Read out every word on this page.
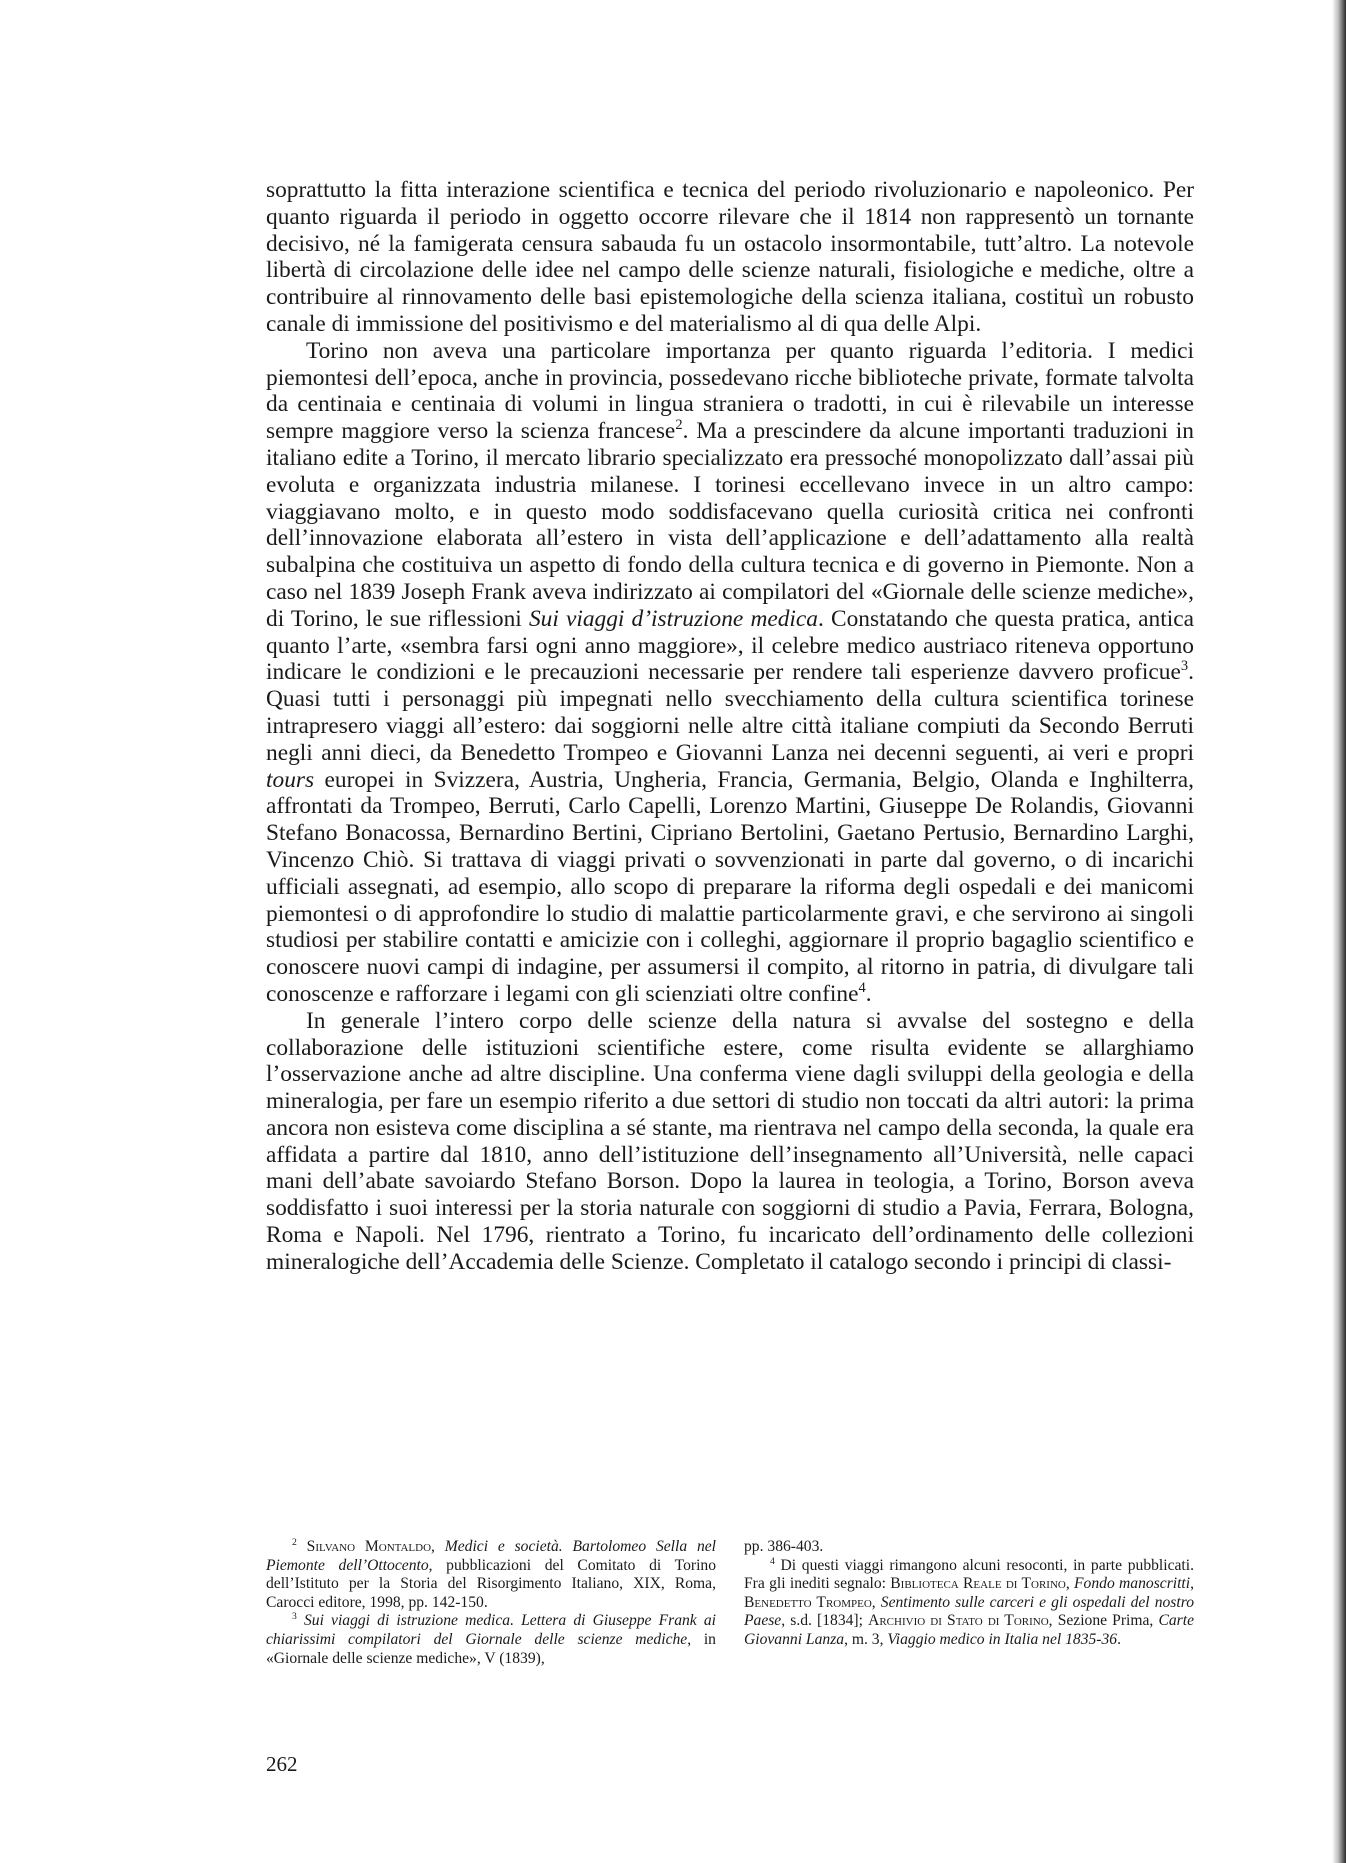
soprattutto la fitta interazione scientifica e tecnica del periodo rivoluzionario e napoleonico. Per quanto riguarda il periodo in oggetto occorre rilevare che il 1814 non rappresentò un tornante decisivo, né la famigerata censura sabauda fu un ostacolo insormontabile, tutt’altro. La notevole libertà di circolazione delle idee nel campo delle scienze naturali, fisiologiche e mediche, oltre a contribuire al rinnovamento delle basi epistemologiche della scienza italiana, costituì un robusto canale di immissione del positivismo e del materialismo al di qua delle Alpi.

Torino non aveva una particolare importanza per quanto riguarda l’editoria. I medici piemontesi dell’epoca, anche in provincia, possedevano ricche biblioteche private, formate talvolta da centinaia e centinaia di volumi in lingua straniera o tradotti, in cui è rilevabile un interesse sempre maggiore verso la scienza francese$^2$. Ma a prescindere da alcune importanti traduzioni in italiano edite a Torino, il mercato librario specializzato era pressoché monopolizzato dall’assai più evoluta e organizzata industria milanese. I torinesi eccellevano invece in un altro campo: viaggiavano molto, e in questo modo soddisfacevano quella curiosità critica nei confronti dell’innovazione elaborata all’estero in vista dell’applicazione e dell’adattamento alla realtà subalpina che costituiva un aspetto di fondo della cultura tecnica e di governo in Piemonte. Non a caso nel 1839 Joseph Frank aveva indirizzato ai compilatori del «Giornale delle scienze mediche», di Torino, le sue riflessioni Sui viaggi d’istruzione medica. Constatando che questa pratica, antica quanto l’arte, «sembra farsi ogni anno maggiore», il celebre medico austriaco riteneva opportuno indicare le condizioni e le precauzioni necessarie per rendere tali esperienze davvero proficue$^3$. Quasi tutti i personaggi più impegnati nello svecchiamento della cultura scientifica torinese intrapresero viaggi all’estero: dai soggiorni nelle altre città italiane compiuti da Secondo Berruti negli anni dieci, da Benedetto Trompeo e Giovanni Lanza nei decenni seguenti, ai veri e propri tours europei in Svizzera, Austria, Ungheria, Francia, Germania, Belgio, Olanda e Inghilterra, affrontati da Trompeo, Berruti, Carlo Capelli, Lorenzo Martini, Giuseppe De Rolandis, Giovanni Stefano Bonacossa, Bernardino Bertini, Cipriano Bertolini, Gaetano Pertusio, Bernardino Larghi, Vincenzo Chiò. Si trattava di viaggi privati o sovvenzionati in parte dal governo, o di incarichi ufficiali assegnati, ad esempio, allo scopo di preparare la riforma degli ospedali e dei manicomi piemontesi o di approfondire lo studio di malattie particolarmente gravi, e che servirono ai singoli studiosi per stabilire contatti e amicizie con i colleghi, aggiornare il proprio bagaglio scientifico e conoscere nuovi campi di indagine, per assumersi il compito, al ritorno in patria, di divulgare tali conoscenze e rafforzare i legami con gli scienziati oltre confine$^4$.

In generale l’intero corpo delle scienze della natura si avvalse del sostegno e della collaborazione delle istituzioni scientifiche estere, come risulta evidente se allarghiamo l’osservazione anche ad altre discipline. Una conferma viene dagli sviluppi della geologia e della mineralogia, per fare un esempio riferito a due settori di studio non toccati da altri autori: la prima ancora non esisteva come disciplina a sé stante, ma rientrava nel campo della seconda, la quale era affidata a partire dal 1810, anno dell’istituzione dell’insegnamento all’Università, nelle capaci mani dell’abate savoiardo Stefano Borson. Dopo la laurea in teologia, a Torino, Borson aveva soddisfatto i suoi interessi per la storia naturale con soggiorni di studio a Pavia, Ferrara, Bologna, Roma e Napoli. Nel 1796, rientrato a Torino, fu incaricato dell’ordinamento delle collezioni mineralogiche dell’Accademia delle Scienze. Completato il catalogo secondo i principi di classi-

$^2$ Silvano Montaldo, Medici e società. Bartolomeo Sella nel Piemonte dell’Ottocento, pubblicazioni del Comitato di Torino dell’Istituto per la Storia del Risorgimento Italiano, XIX, Roma, Carocci editore, 1998, pp. 142-150.

$^3$ Sui viaggi di istruzione medica. Lettera di Giuseppe Frank ai chiarissimi compilatori del Giornale delle scienze mediche, in «Giornale delle scienze mediche», V (1839),

pp. 386-403.

$^4$ Di questi viaggi rimangono alcuni resoconti, in parte pubblicati. Fra gli inediti segnalo: Biblioteca Reale di Torino, Fondo manoscritti, Benedetto Trompeo, Sentimento sulle carceri e gli ospedali del nostro Paese, s.d. [1834]; Archivio di Stato di Torino, Sezione Prima, Carte Giovanni Lanza, m. 3, Viaggio medico in Italia nel 1835-36.

262
